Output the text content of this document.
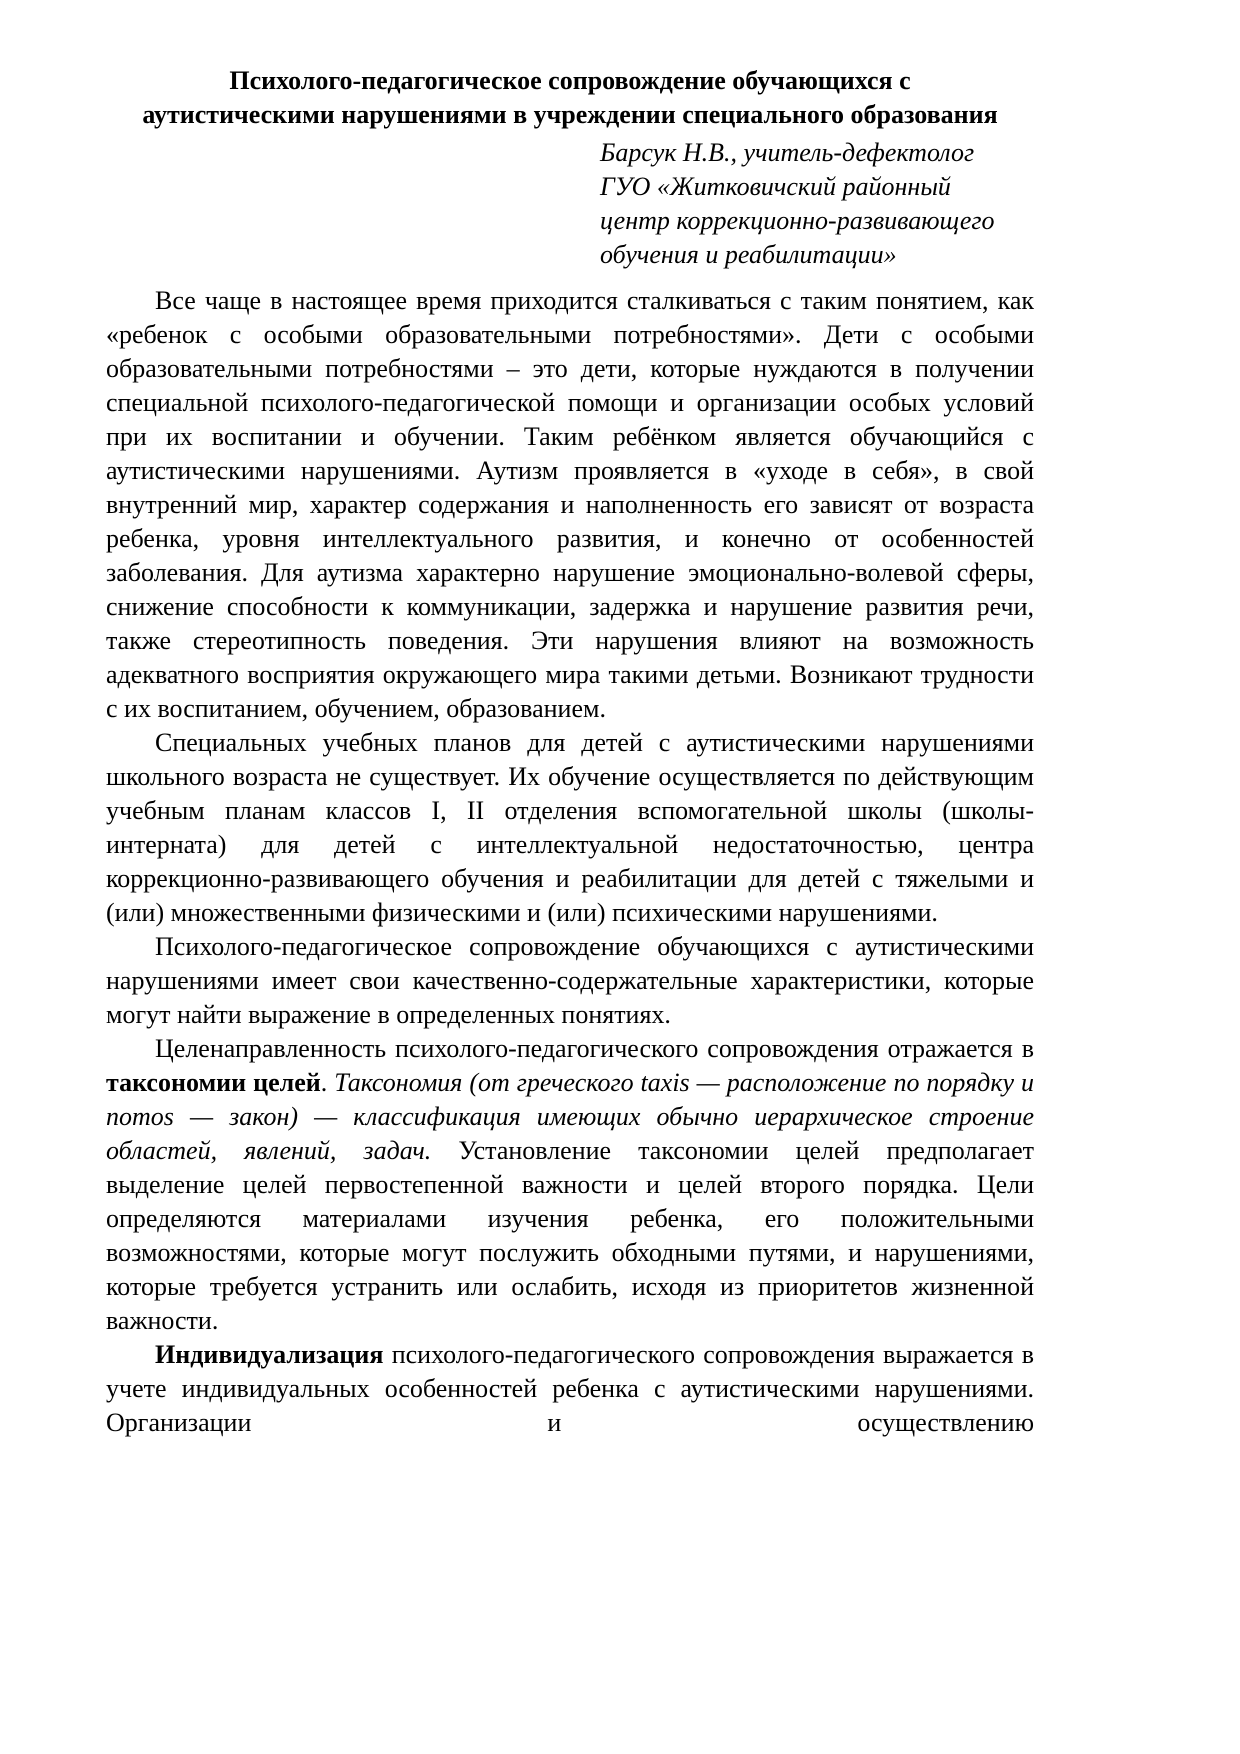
Психолого-педагогическое сопровождение обучающихся с
аутистическими нарушениями в учреждении специального образования
Барсук Н.В., учитель-дефектолог
ГУО «Житковичский районный
центр коррекционно-развивающего
обучения и реабилитации»

Все чаще в настоящее время приходится сталкиваться с таким понятием, как «ребенок с особыми образовательными потребностями». Дети с особыми образовательными потребностями – это дети, которые нуждаются в получении специальной психолого-педагогической помощи и организации особых условий при их воспитании и обучении. Таким ребёнком является обучающийся с аутистическими нарушениями. Аутизм проявляется в «уходе в себя», в свой внутренний мир, характер содержания и наполненность его зависят от возраста ребенка, уровня интеллектуального развития, и конечно от особенностей заболевания. Для аутизма характерно нарушение эмоционально-волевой сферы, снижение способности к коммуникации, задержка и нарушение развития речи, также стереотипность поведения. Эти нарушения влияют на возможность адекватного восприятия окружающего мира такими детьми. Возникают трудности с их воспитанием, обучением, образованием.

Специальных учебных планов для детей с аутистическими нарушениями школьного возраста не существует. Их обучение осуществляется по действующим учебным планам классов I, II отделения вспомогательной школы (школы-интерната) для детей с интеллектуальной недостаточностью, центра коррекционно-развивающего обучения и реабилитации для детей с тяжелыми и (или) множественными физическими и (или) психическими нарушениями.

Психолого-педагогическое сопровождение обучающихся с аутистическими нарушениями имеет свои качественно-содержательные характеристики, которые могут найти выражение в определенных понятиях.

Целенаправленность психолого-педагогического сопровождения отражается в таксономии целей. Таксономия (от греческого taxis — расположение по порядку и nomos — закон) — классификация имеющих обычно иерархическое строение областей, явлений, задач. Установление таксономии целей предполагает выделение целей первостепенной важности и целей второго порядка. Цели определяются материалами изучения ребенка, его положительными возможностями, которые могут послужить обходными путями, и нарушениями, которые требуется устранить или ослабить, исходя из приоритетов жизненной важности.

Индивидуализация психолого-педагогического сопровождения выражается в учете индивидуальных особенностей ребенка с аутистическими нарушениями. Организации и осуществлению
